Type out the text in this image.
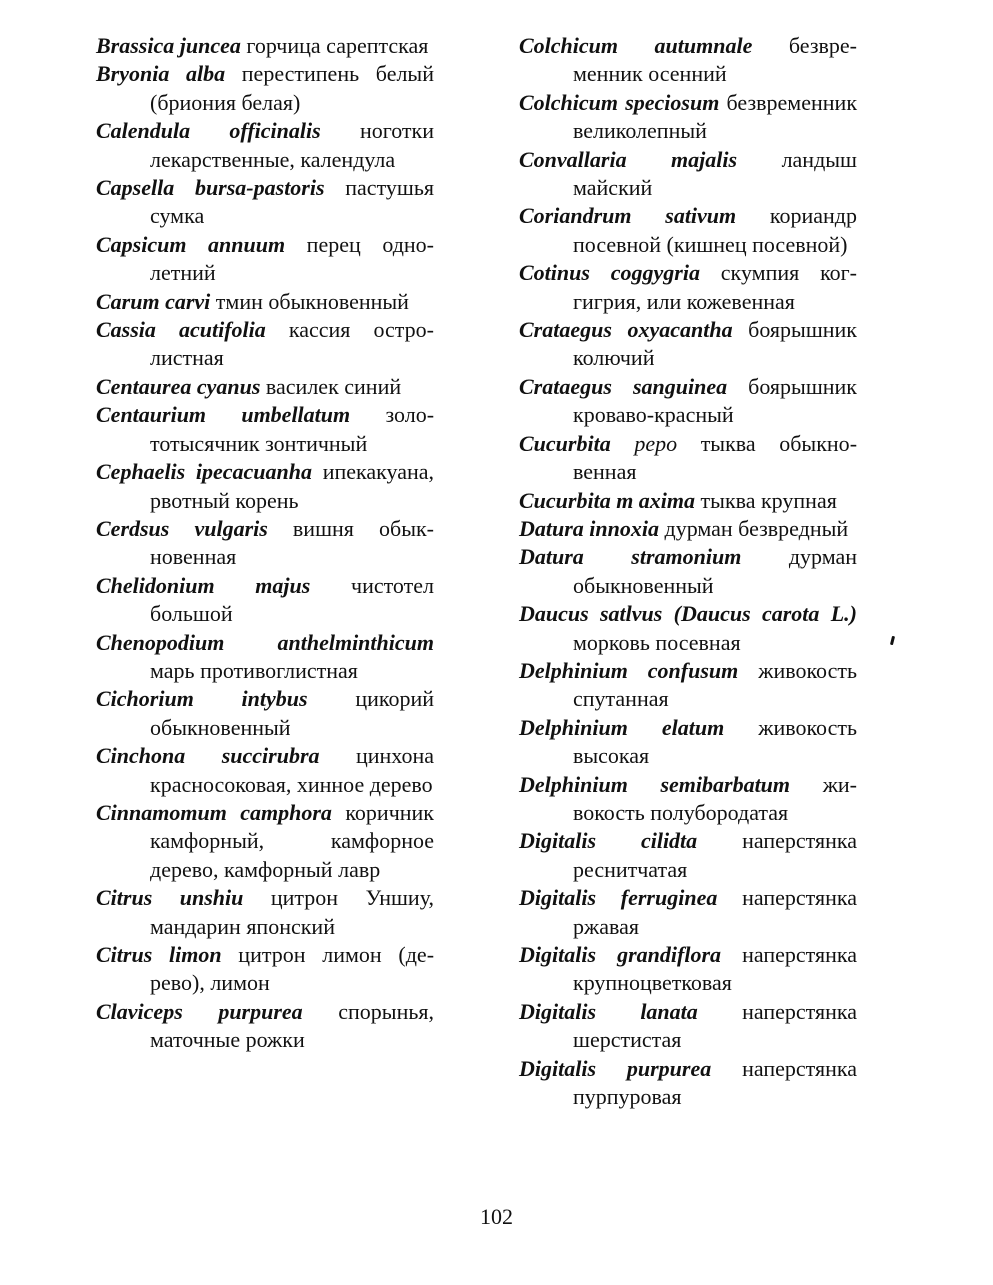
Brassica juncea горчица сарептская

Bryonia alba перестипень белый (бриония белая)

Calendula officinalis ноготки лекарственные, календула

Capsella bursa-pastoris пастушья сумка

Capsicum annuum перец однолетний

Carum carvi тмин обыкновенный

Cassia acutifolia кассия остролистная

Centaurea cyanus василек синий

Centaurium umbellatum золототысячник зонтичный

Cephaelis ipecacuanha ипекакуана, рвотный корень

Cerdsus vulgaris вишня обыкновенная

Chelidonium majus чистотел большой

Chenopodium anthelminthicum марь противоглистная

Cichorium intybus цикорий обыкновенный

Cinchona succirubra цинхона красносоковая, хинное дерево

Cinnamomum camphora коричник камфорный, камфорное дерево, камфорный лавр

Citrus unshiu цитрон Уншиу, мандарин японский

Citrus limon цитрон лимон (дерево), лимон

Claviceps purpurea спорынья, маточные рожки

Colchicum autumnale безвременник осенний

Colchicum speciosum безвременник великолепный

Convallaria majalis ландыш майский

Coriandrum sativum кориандр посевной (кишнец посевной)

Cotinus coggygria скумпия коггигрия, или кожевенная

Crataegus oxyacantha боярышник колючий

Crataegus sanguinea боярышник кроваво-красный

Cucurbita pepo тыква обыкновенная

Cucurbita m axima тыква крупная

Datura innoxia дурман безвредный

Datura stramonium дурман обыкновенный

Daucus satlvus (Daucus carota L.) морковь посевная

Delphinium confusum живокость спутанная

Delphinium elatum живокость высокая

Delphinium semibarbatum живокость полубородатая

Digitalis cilidta наперстянка реснитчатая

Digitalis ferruginea наперстянка ржавая

Digitalis grandiflora наперстянка крупноцветковая

Digitalis lanata наперстянка шерстистая

Digitalis purpurea наперстянка пурпуровая

102
